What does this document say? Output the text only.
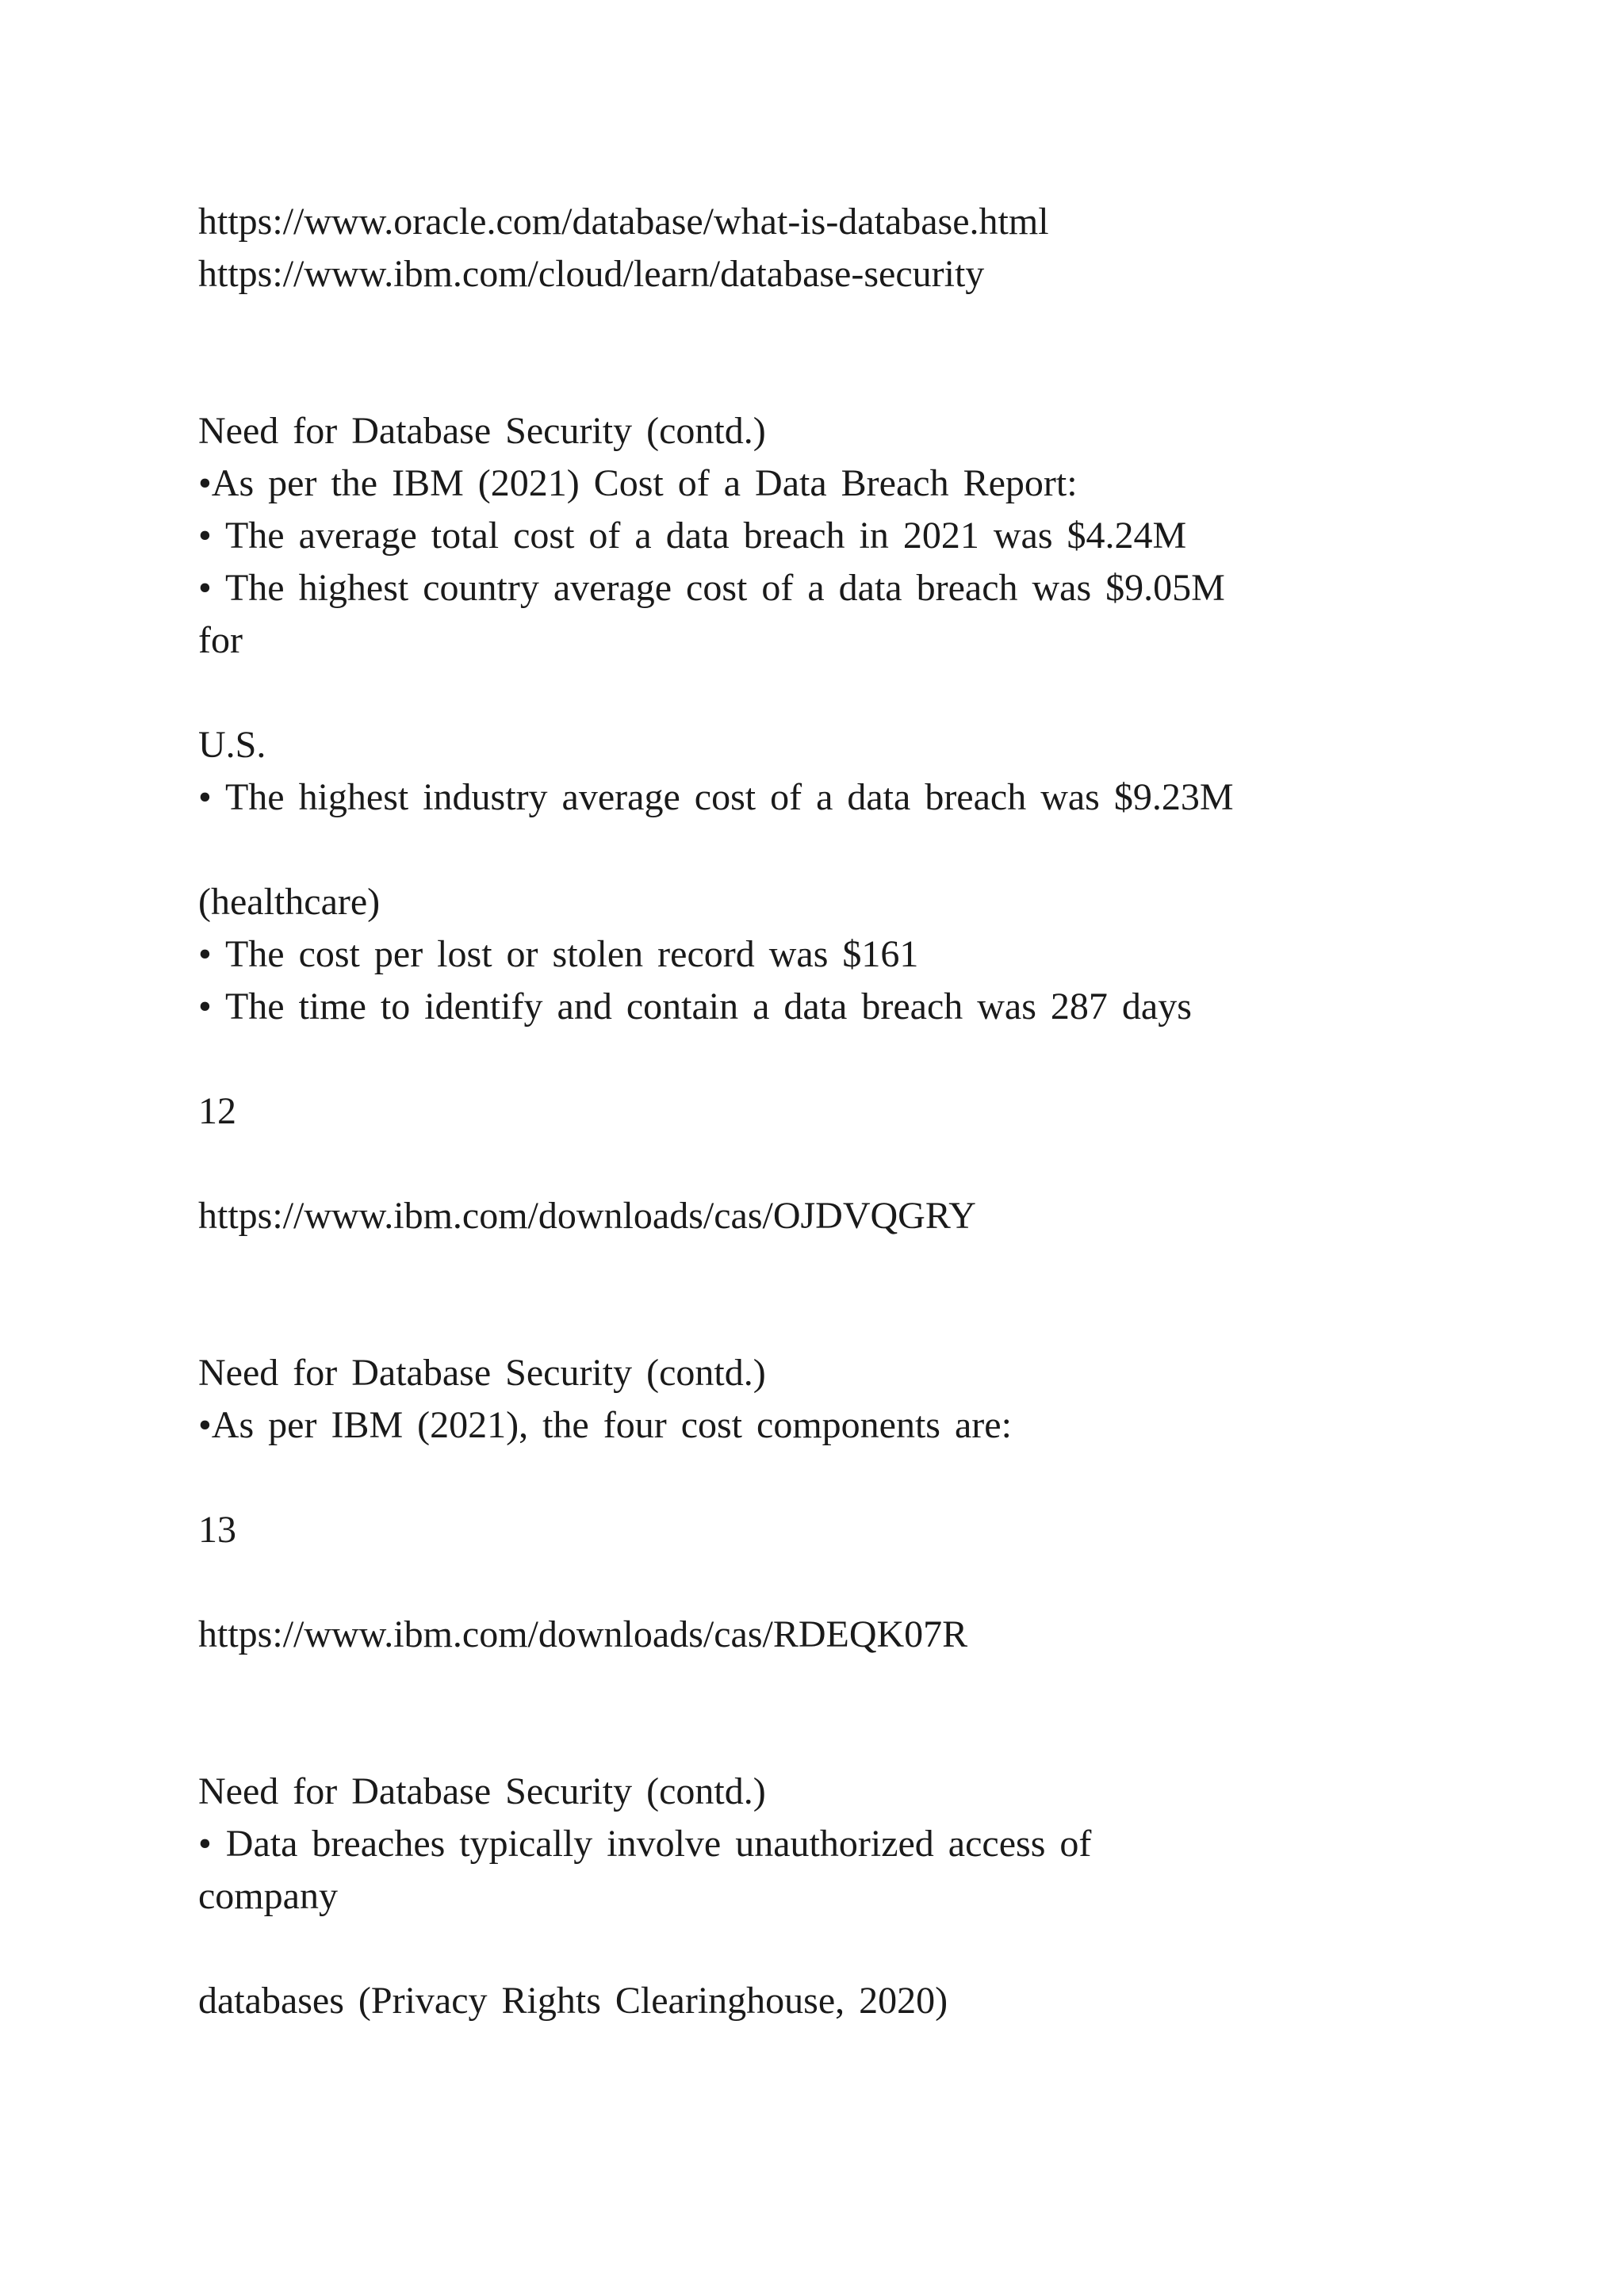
https://www.oracle.com/database/what-is-database.html
https://www.ibm.com/cloud/learn/database-security
Need for Database Security (contd.)
•As per the IBM (2021) Cost of a Data Breach Report:
• The average total cost of a data breach in 2021 was $4.24M
• The highest country average cost of a data breach was $9.05M
for
U.S.
• The highest industry average cost of a data breach was $9.23M
(healthcare)
• The cost per lost or stolen record was $161
• The time to identify and contain a data breach was 287 days
12
https://www.ibm.com/downloads/cas/OJDVQGRY
Need for Database Security (contd.)
•As per IBM (2021), the four cost components are:
13
https://www.ibm.com/downloads/cas/RDEQK07R
Need for Database Security (contd.)
• Data breaches typically involve unauthorized access of
company
databases (Privacy Rights Clearinghouse, 2020)
